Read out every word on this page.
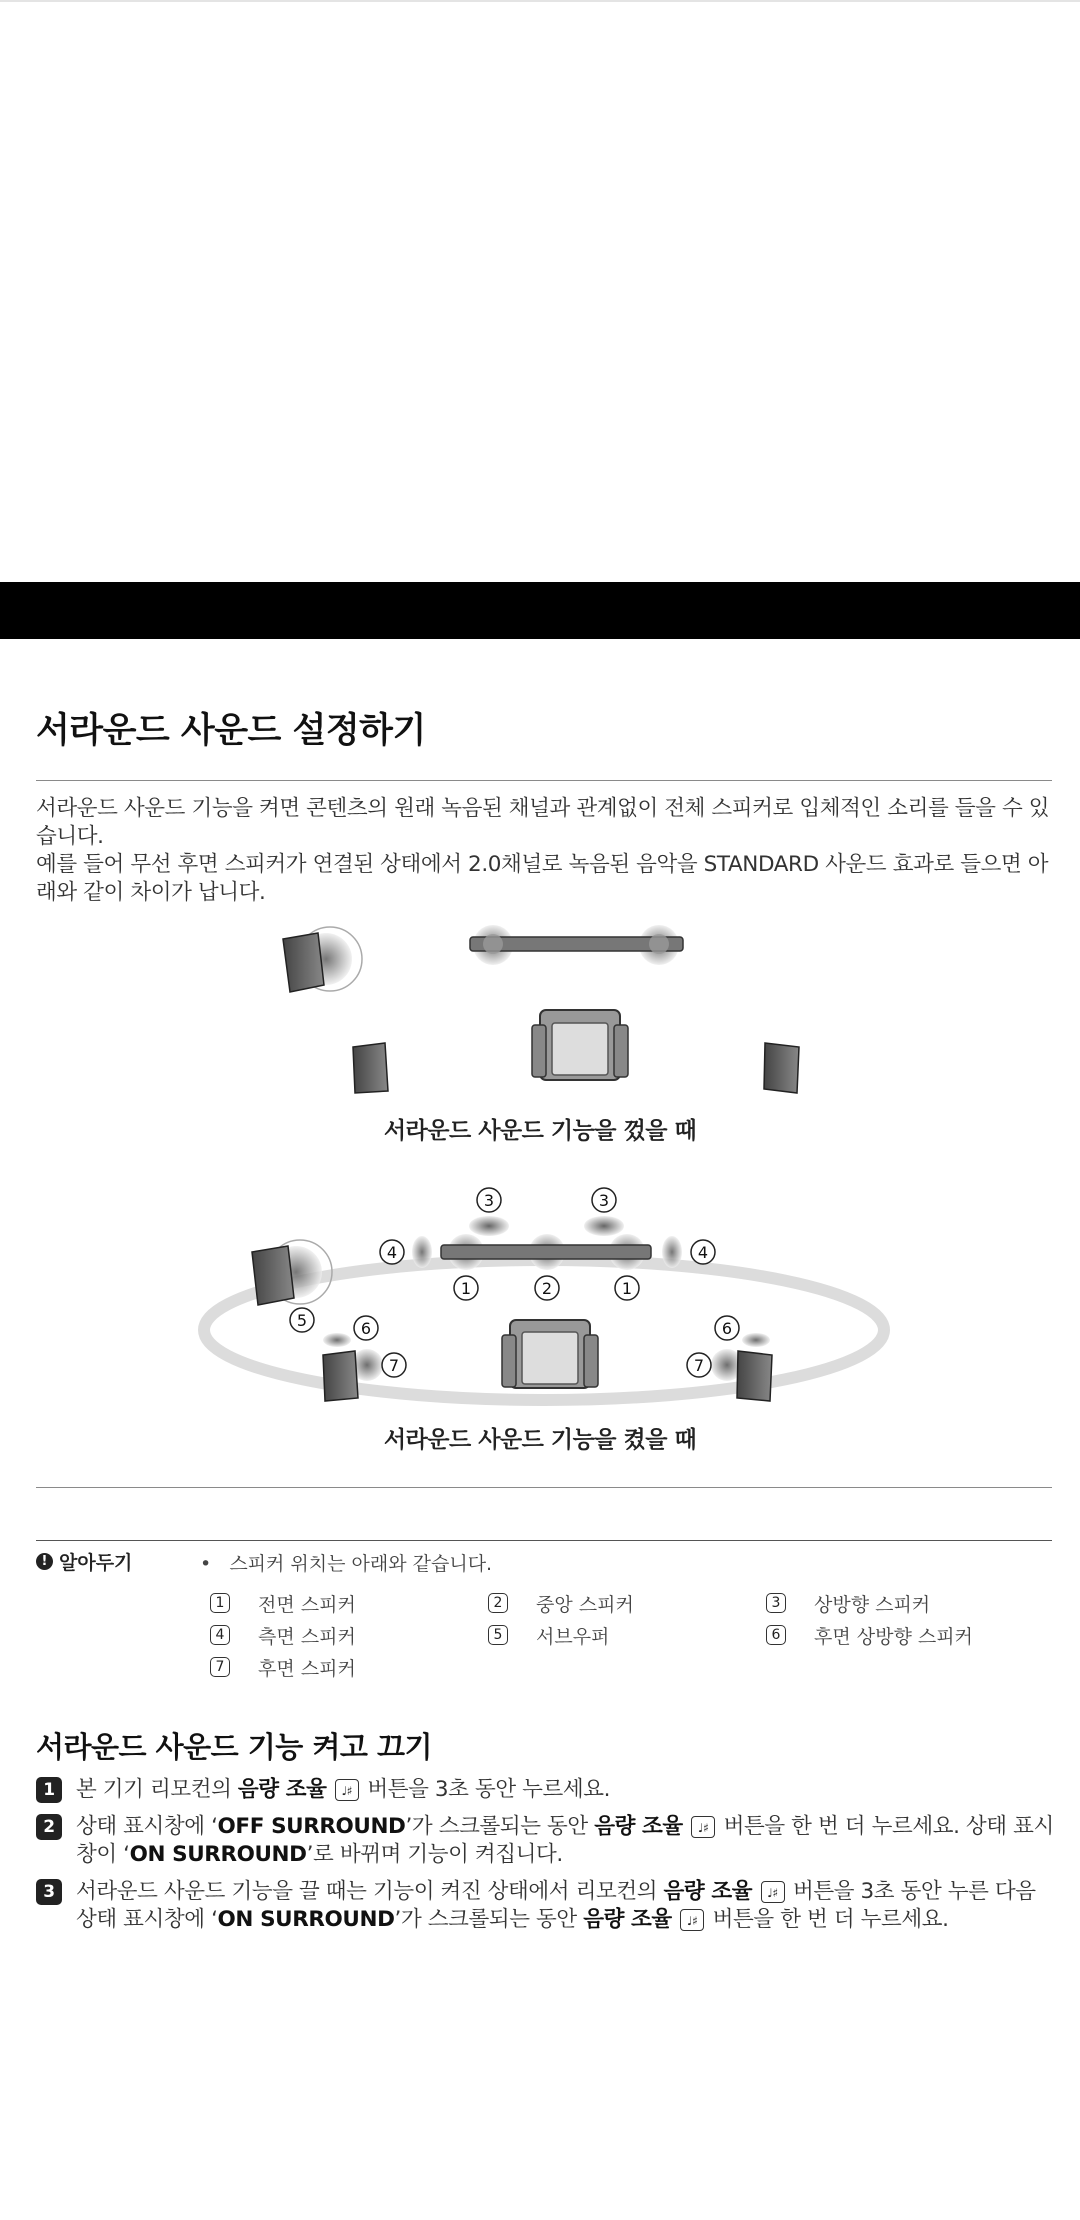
서라운드 사운드 설정하기

서라운드 사운드 기능을 켜면 콘텐츠의 원래 녹음된 채널과 관계없이 전체 스피커로 입체적인 소리를 들을 수 있습니다.

예를 들어 무선 후면 스피커가 연결된 상태에서 2.0채널로 녹음된 음악을 STANDARD 사운드 효과로 들으면 아래와 같이 차이가 납니다.

서라운드 사운드 기능을 껐을 때
3	3
4	4
1	2	1
5	6
7
6
7
서라운드 사운드 기능을 켰을 때
! 알아두기	•   스피커 위치는 아래와 같습니다.
1 전면 스피커	2 중앙 스피커	3 상방향 스피커
4 측면 스피커	5 서브우퍼	6 후면 상방향 스피커
7 후면 스피커
서라운드 사운드 기능 켜고 끄기
1 본 기기 리모컨의 음량 조율 ♩♯ 버튼을 3초 동안 누르세요.
2 상태 표시창에 ‘OFF SURROUND’가 스크롤되는 동안 음량 조율 ♩♯ 버튼을 한 번 더 누르세요. 상태 표시창이 ‘ON SURROUND’로 바뀌며 기능이 켜집니다.
3 서라운드 사운드 기능을 끌 때는 기능이 켜진 상태에서 리모컨의 음량 조율 ♩♯ 버튼을 3초 동안 누른 다음 상태 표시창에 ‘ON SURROUND’가 스크롤되는 동안 음량 조율 ♩♯ 버튼을 한 번 더 누르세요.
